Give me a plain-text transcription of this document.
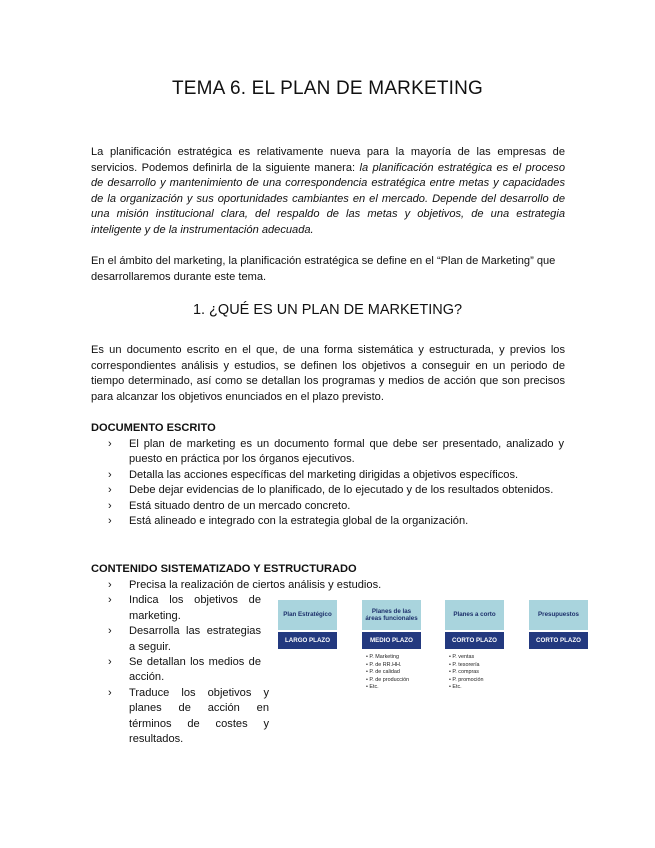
TEMA 6. EL PLAN DE MARKETING
La planificación estratégica es relativamente nueva para la mayoría de las empresas de servicios. Podemos definirla de la siguiente manera: la planificación estratégica es el proceso de desarrollo y mantenimiento de una correspondencia estratégica entre metas y capacidades de la organización y sus oportunidades cambiantes en el mercado. Depende del desarrollo de una misión institucional clara, del respaldo de las metas y objetivos, de una estrategia inteligente y de la instrumentación adecuada.
En el ámbito del marketing, la planificación estratégica se define en el “Plan de Marketing” que desarrollaremos durante este tema.
1. ¿QUÉ ES UN PLAN DE MARKETING?
Es un documento escrito en el que, de una forma sistemática y estructurada, y previos los correspondientes análisis y estudios, se definen los objetivos a conseguir en un periodo de tiempo determinado, así como se detallan los programas y medios de acción que son precisos para alcanzar los objetivos enunciados en el plazo previsto.
DOCUMENTO ESCRITO
› El plan de marketing es un documento formal que debe ser presentado, analizado y puesto en práctica por los órganos ejecutivos.
› Detalla las acciones específicas del marketing dirigidas a objetivos específicos.
› Debe dejar evidencias de lo planificado, de lo ejecutado y de los resultados obtenidos.
› Está situado dentro de un mercado concreto.
› Está alineado e integrado con la estrategia global de la organización.
CONTENIDO SISTEMATIZADO Y ESTRUCTURADO
› Precisa la realización de ciertos análisis y estudios.
› Indica los objetivos de marketing.
› Desarrolla las estrategias a seguir.
› Se detallan los medios de acción.
› Traduce los objetivos y planes de acción en términos de costes y resultados.
Plan Estratégico
LARGO PLAZO
Planes de las áreas funcionales
MEDIO PLAZO
Planes a corto
CORTO PLAZO
Presupuestos
CORTO PLAZO
• P. Marketing
• P. de RR.HH.
• P. de calidad
• P. de producción
• Etc.
• P. ventas
• P. tesorería
• P. compras
• P. promoción
• Etc.
